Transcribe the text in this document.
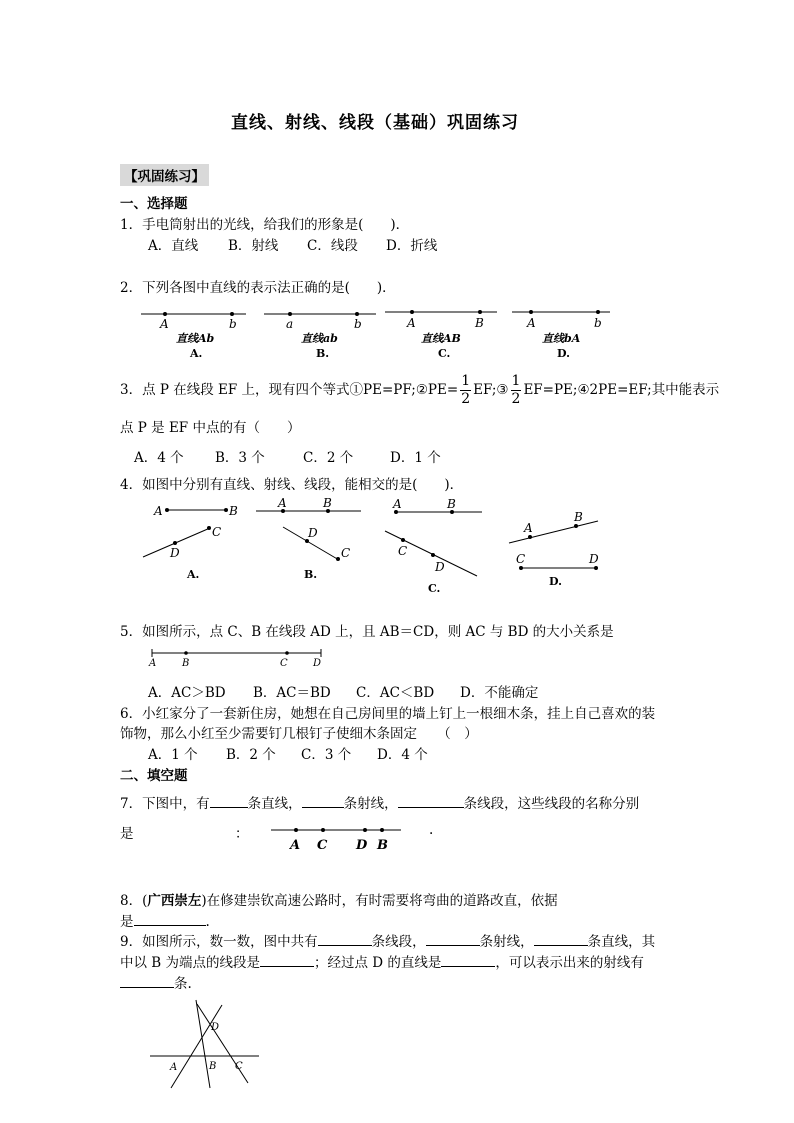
直线、射线、线段（基础）巩固练习
【巩固练习】
一、选择题
1．手电筒射出的光线，给我们的形象是(　　)．
A．直线 B．射线 C．线段 D．折线
2．下列各图中直线的表示法正确的是(　　)．
A	b
直线Ab
A.
a	b
直线ab
B.
A	B
直线AB
C.
A	b
直线bA
D.
3．点 P 在线段 EF 上，现有四个等式①PE=PF;②PE= $\frac{1}{2}$ EF;③ $\frac{1}{2}$ EF=PE;④2PE=EF;其中能表示
点 P 是 EF 中点的有（　　）
A．4 个 B．3 个	C．2 个	D．1 个
4．如图中分别有直线、射线、线段，能相交的是(　　)．
A	B
D
C
A.
A	B
D
C
B.
A	B
C
D
C.
A
B
C	D
D.
5．如图所示，点 C、B 在线段 AD 上，且 AB＝CD，则 AC 与 BD 的大小关系是
A	B	C	D
A．AC＞BD B．AC＝BD C．AC＜BD D．不能确定
6．小红家分了一套新住房，她想在自己房间里的墙上钉上一根细木条，挂上自己喜欢的装
饰物，那么小红至少需要钉几根钉子使细木条固定　　（　）
A．1 个 B．2 个 C．3 个 D．4 个
二、填空题
7．下图中，有	条直线，	条射线，	条线段，这些线段的名称分别
是	：	.
A C D B
8．(广西崇左)在修建崇钦高速公路时，有时需要将弯曲的道路改直，依据
是	.
9．如图所示，数一数，图中共有	条线段，	条射线，	条直线，其
中以 B 为端点的线段是	；经过点 D 的直线是	，可以表示出来的射线有
条.
D
A	B C
